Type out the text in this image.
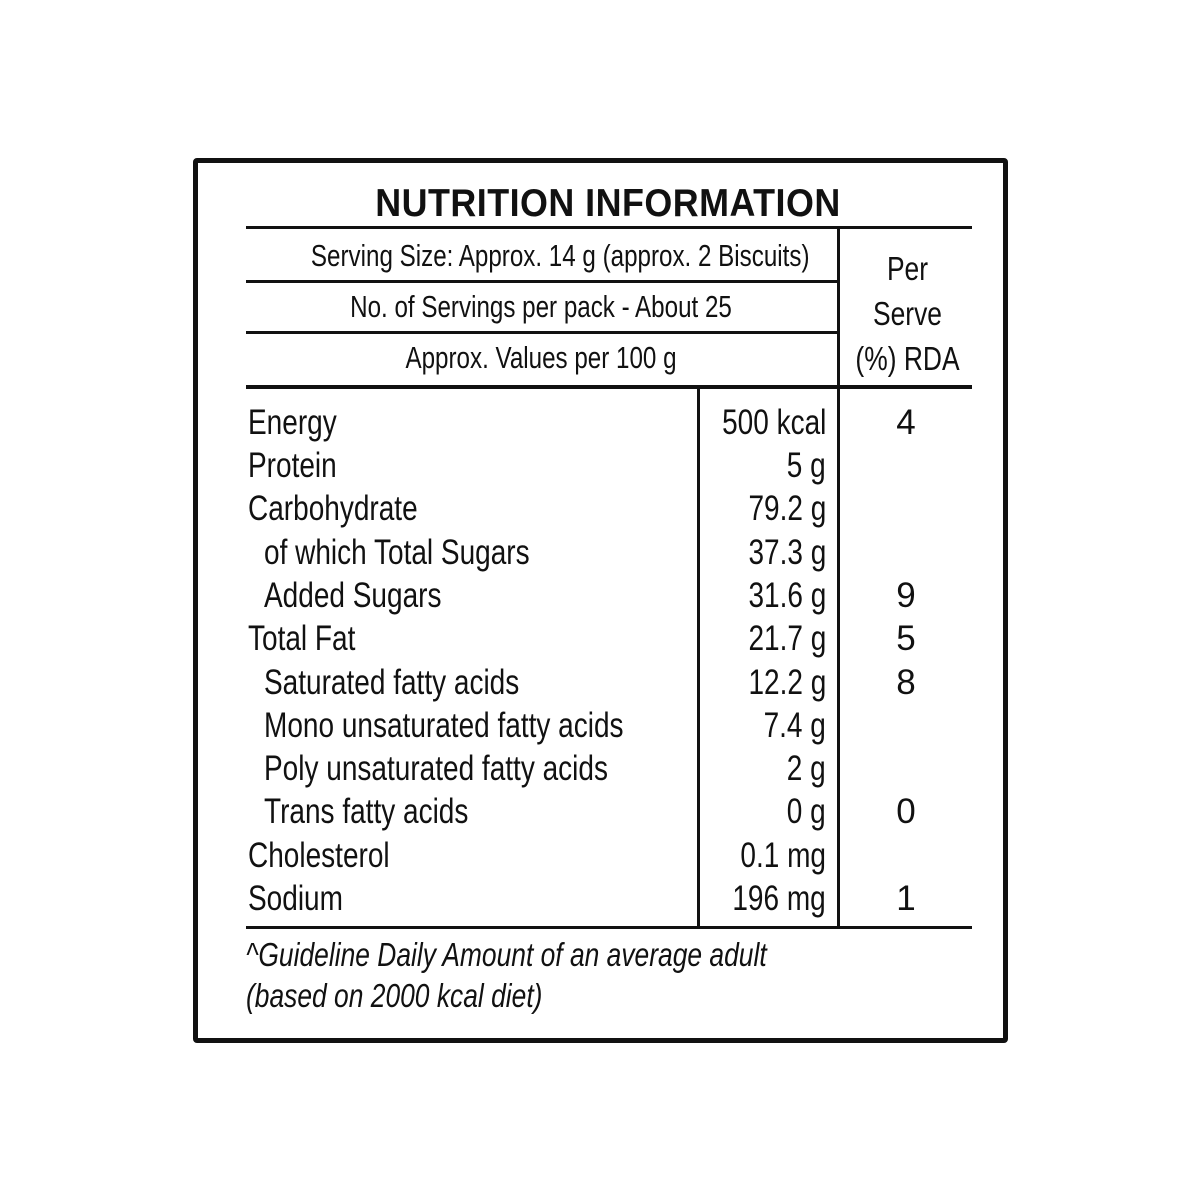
NUTRITION INFORMATION
Serving Size: Approx. 14 g (approx. 2 Biscuits)
No. of Servings per pack - About 25
Approx. Values per 100 g
Per
Serve
(%) RDA
Energy	500 kcal	4
Protein	5 g
Carbohydrate	79.2 g
of which Total Sugars	37.3 g
Added Sugars	31.6 g	9
Total Fat	21.7 g	5
Saturated fatty acids	12.2 g	8
Mono unsaturated fatty acids	7.4 g
Poly unsaturated fatty acids	2 g
Trans fatty acids	0 g	0
Cholesterol	0.1 mg
Sodium	196 mg	1
^Guideline Daily Amount of an average adult
(based on 2000 kcal diet)
